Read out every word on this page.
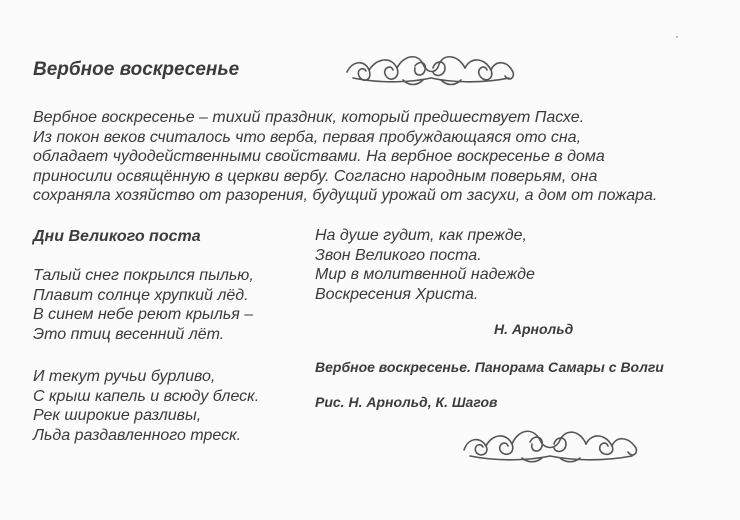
Вербное воскресенье
Вербное воскресенье – тихий праздник, который предшествует Пасхе.
Из покон веков считалось что верба, первая пробуждающаяся ото сна,
обладает чудодейственными свойствами. На вербное воскресенье в дома
приносили освящённую в церкви вербу. Согласно народным поверьям, она
сохраняла хозяйство от разорения, будущий урожай от засухи, а дом от пожара.
Дни Великого поста
Талый снег покрылся пылью,
Плавит солнце хрупкий лёд.
В синем небе реют крылья –
Это птиц весенний лёт.
И текут ручьи бурливо,
С крыш капель и всюду блеск.
Рек широкие разливы,
Льда раздавленного треск.
На душе гудит, как прежде,
Звон Великого поста.
Мир в молитвенной надежде
Воскресения Христа.

Н. Арнольд

Вербное воскресенье. Панорама Самары с Волги

Рис. Н. Арнольд, К. Шагов
